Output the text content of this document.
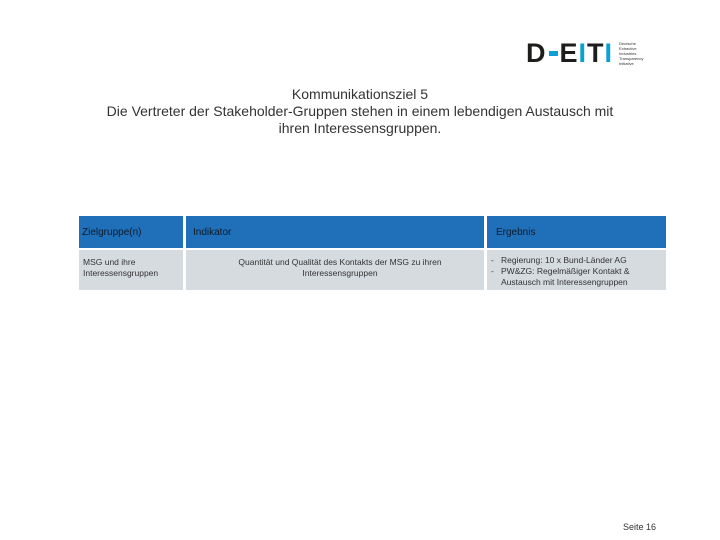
D E I T I Deutsche Extractive Industries Transparency Initiative
Kommunikationsziel 5
Die Vertreter der Stakeholder-Gruppen stehen in einem lebendigen Austausch mit
ihren Interessensgruppen.
Zielgruppe(n)	Indikator	Ergebnis
MSG und ihre Interessensgruppen
Quantität und Qualität des Kontakts der MSG zu ihren Interessensgruppen
- Regierung: 10 x Bund-Länder AG
- PW&ZG: Regelmäßiger Kontakt & Austausch mit Interessengruppen
Seite 16
